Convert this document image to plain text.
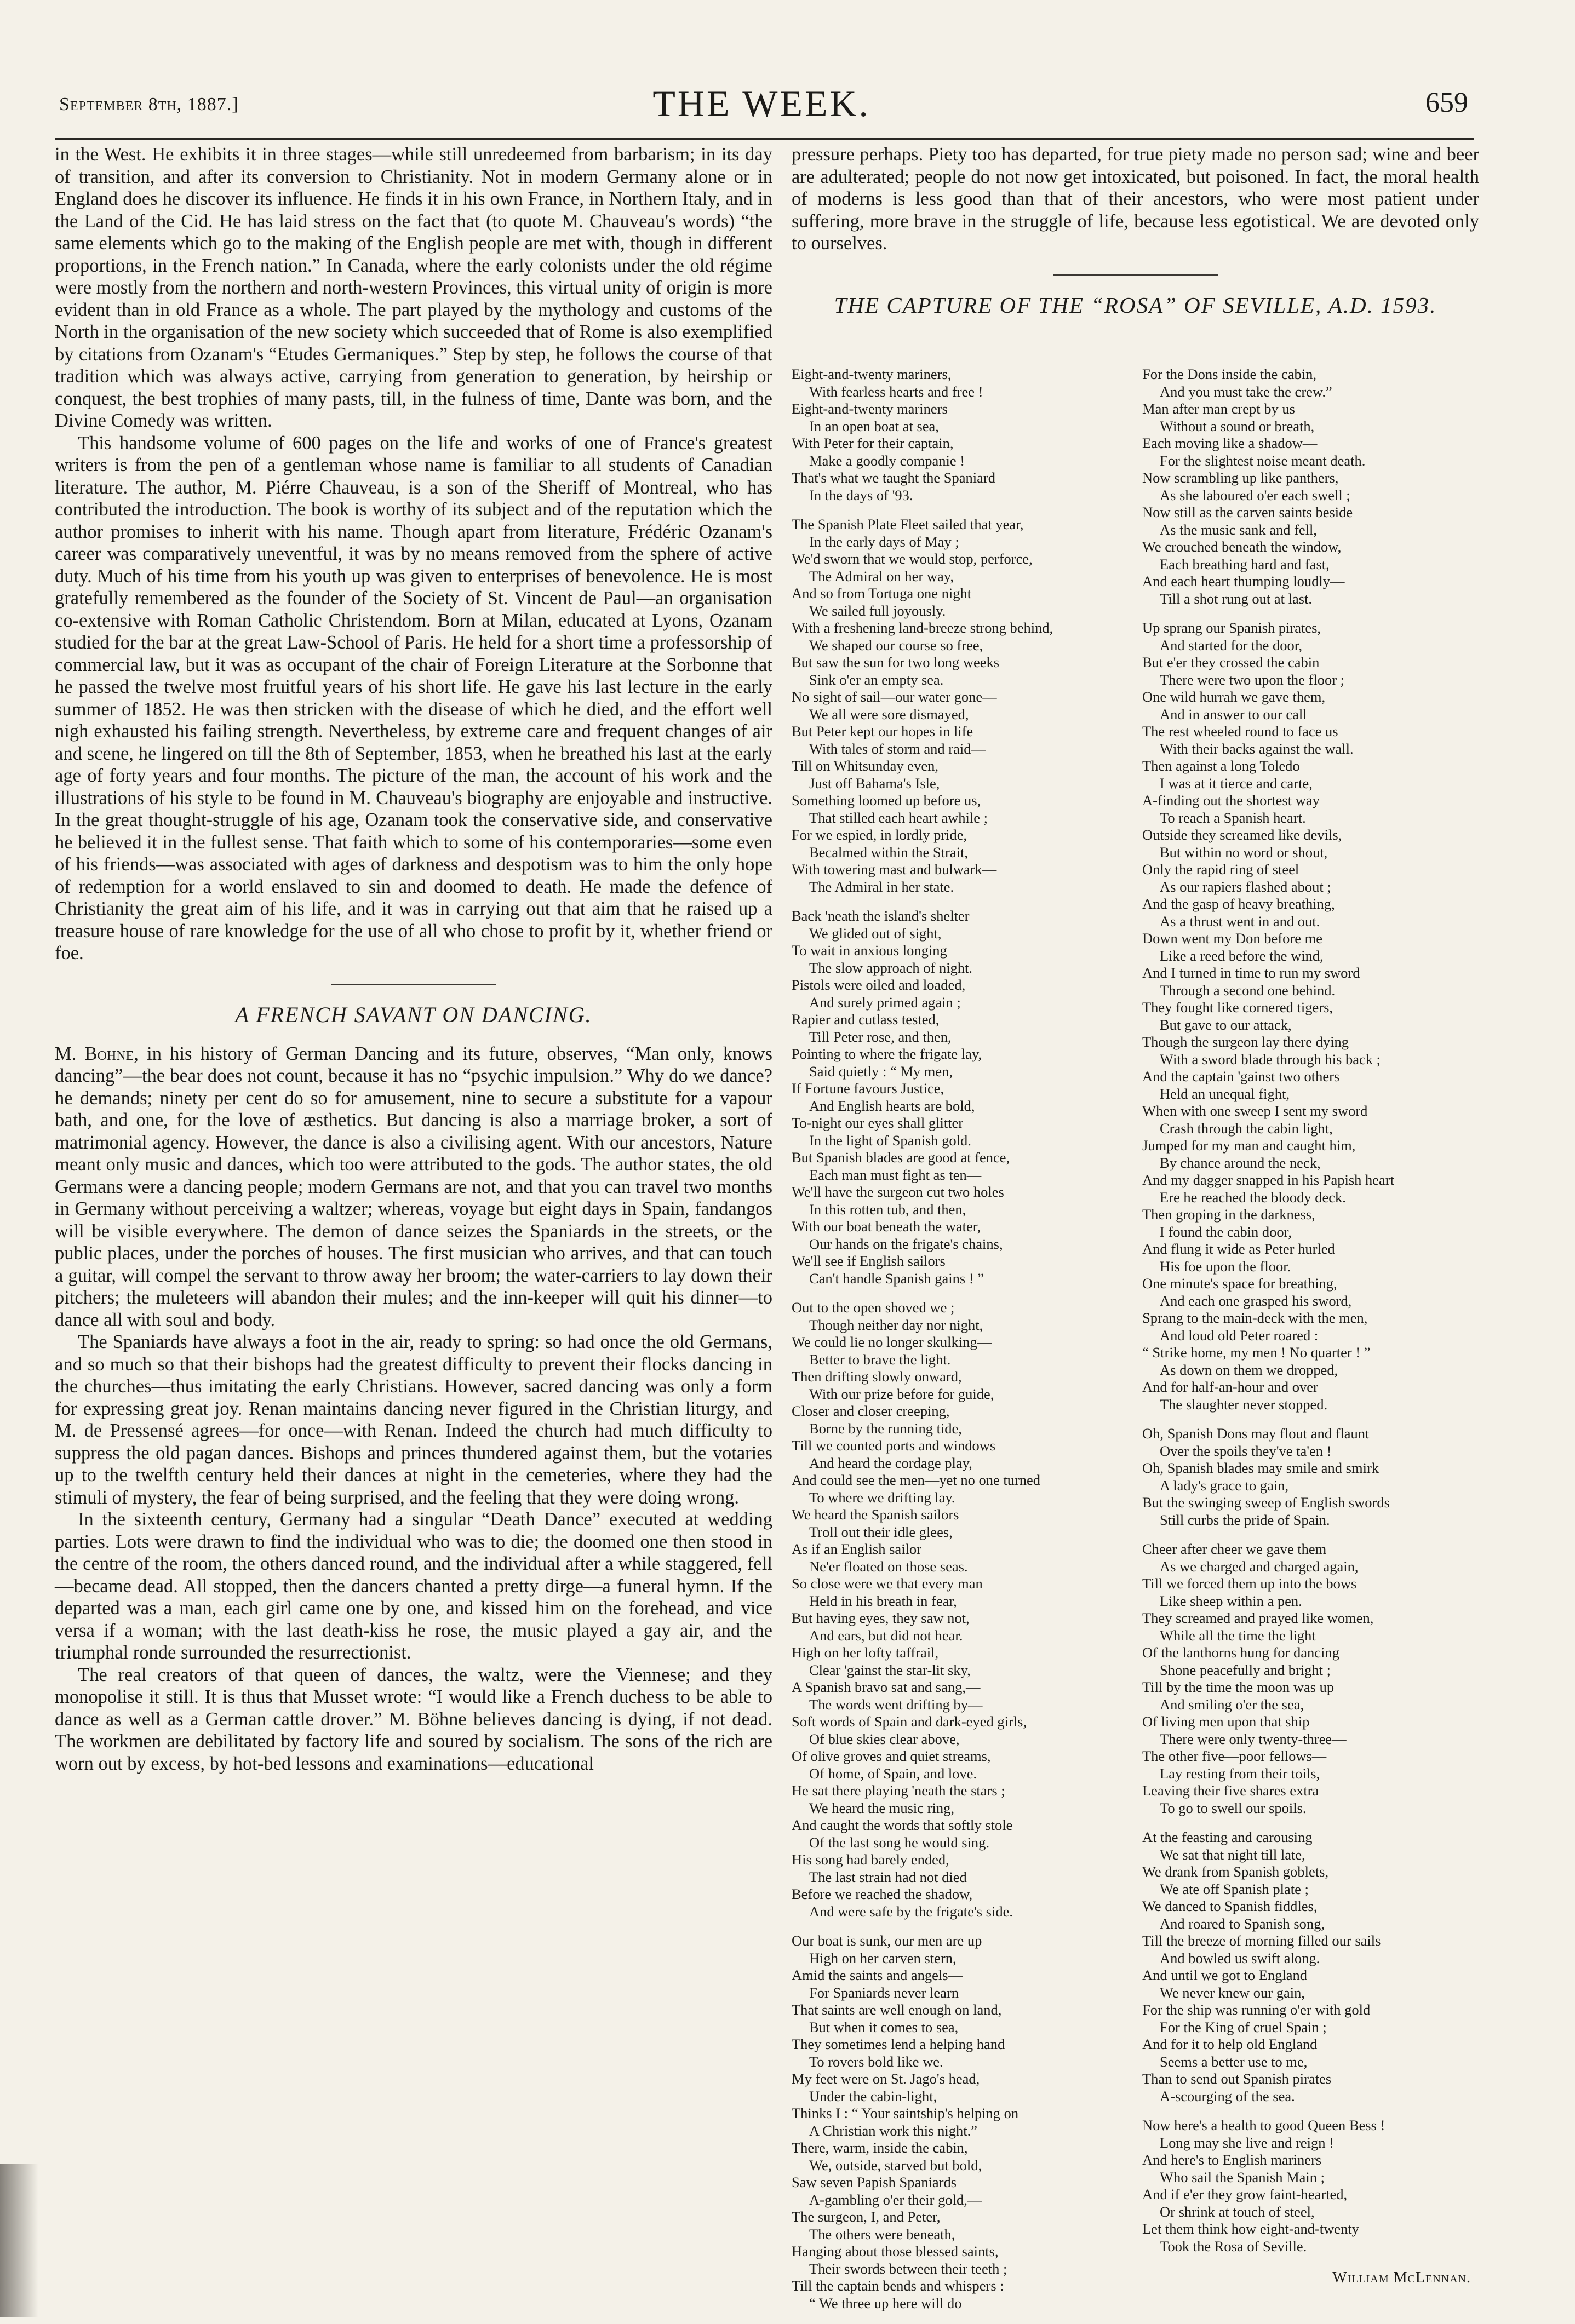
September 8th, 1887.]	THE WEEK.	659

in the West. He exhibits it in three stages—while still unredeemed from barbarism; in its day of transition, and after its conversion to Christianity. Not in modern Germany alone or in England does he discover its influence. He finds it in his own France, in Northern Italy, and in the Land of the Cid. He has laid stress on the fact that (to quote M. Chauveau's words) “the same elements which go to the making of the English people are met with, though in different proportions, in the French nation.” In Canada, where the early colonists under the old régime were mostly from the northern and north-western Provinces, this virtual unity of origin is more evident than in old France as a whole. The part played by the mythology and customs of the North in the organisation of the new society which succeeded that of Rome is also exemplified by citations from Ozanam's “Etudes Germaniques.” Step by step, he follows the course of that tradition which was always active, carrying from generation to generation, by heirship or conquest, the best trophies of many pasts, till, in the fulness of time, Dante was born, and the Divine Comedy was written.

This handsome volume of 600 pages on the life and works of one of France's greatest writers is from the pen of a gentleman whose name is familiar to all students of Canadian literature. The author, M. Piérre Chauveau, is a son of the Sheriff of Montreal, who has contributed the introduction. The book is worthy of its subject and of the reputation which the author promises to inherit with his name. Though apart from literature, Frédéric Ozanam's career was comparatively uneventful, it was by no means removed from the sphere of active duty. Much of his time from his youth up was given to enterprises of benevolence. He is most gratefully remembered as the founder of the Society of St. Vincent de Paul—an organisation co-extensive with Roman Catholic Christendom. Born at Milan, educated at Lyons, Ozanam studied for the bar at the great Law-School of Paris. He held for a short time a professorship of commercial law, but it was as occupant of the chair of Foreign Literature at the Sorbonne that he passed the twelve most fruitful years of his short life. He gave his last lecture in the early summer of 1852. He was then stricken with the disease of which he died, and the effort well nigh exhausted his failing strength. Nevertheless, by extreme care and frequent changes of air and scene, he lingered on till the 8th of September, 1853, when he breathed his last at the early age of forty years and four months. The picture of the man, the account of his work and the illustrations of his style to be found in M. Chauveau's biography are enjoyable and instructive. In the great thought-struggle of his age, Ozanam took the conservative side, and conservative he believed it in the fullest sense. That faith which to some of his contemporaries—some even of his friends—was associated with ages of darkness and despotism was to him the only hope of redemption for a world enslaved to sin and doomed to death. He made the defence of Christianity the great aim of his life, and it was in carrying out that aim that he raised up a treasure house of rare knowledge for the use of all who chose to profit by it, whether friend or foe.

A FRENCH SAVANT ON DANCING.

M. Bohne, in his history of German Dancing and its future, observes, “Man only, knows dancing”—the bear does not count, because it has no “psychic impulsion.” Why do we dance? he demands; ninety per cent do so for amusement, nine to secure a substitute for a vapour bath, and one, for the love of æsthetics. But dancing is also a marriage broker, a sort of matrimonial agency. However, the dance is also a civilising agent. With our ancestors, Nature meant only music and dances, which too were attributed to the gods. The author states, the old Germans were a dancing people; modern Germans are not, and that you can travel two months in Germany without perceiving a waltzer; whereas, voyage but eight days in Spain, fandangos will be visible everywhere. The demon of dance seizes the Spaniards in the streets, or the public places, under the porches of houses. The first musician who arrives, and that can touch a guitar, will compel the servant to throw away her broom; the water-carriers to lay down their pitchers; the muleteers will abandon their mules; and the inn-keeper will quit his dinner—to dance all with soul and body.

The Spaniards have always a foot in the air, ready to spring: so had once the old Germans, and so much so that their bishops had the greatest difficulty to prevent their flocks dancing in the churches—thus imitating the early Christians. However, sacred dancing was only a form for expressing great joy. Renan maintains dancing never figured in the Christian liturgy, and M. de Pressensé agrees—for once—with Renan. Indeed the church had much difficulty to suppress the old pagan dances. Bishops and princes thundered against them, but the votaries up to the twelfth century held their dances at night in the cemeteries, where they had the stimuli of mystery, the fear of being surprised, and the feeling that they were doing wrong.

In the sixteenth century, Germany had a singular “Death Dance” executed at wedding parties. Lots were drawn to find the individual who was to die; the doomed one then stood in the centre of the room, the others danced round, and the individual after a while staggered, fell—became dead. All stopped, then the dancers chanted a pretty dirge—a funeral hymn. If the departed was a man, each girl came one by one, and kissed him on the forehead, and vice versa if a woman; with the last death-kiss he rose, the music played a gay air, and the triumphal ronde surrounded the resurrectionist.

The real creators of that queen of dances, the waltz, were the Viennese; and they monopolise it still. It is thus that Musset wrote: “I would like a French duchess to be able to dance as well as a German cattle drover.” M. Böhne believes dancing is dying, if not dead. The workmen are debilitated by factory life and soured by socialism. The sons of the rich are worn out by excess, by hot-bed lessons and examinations—educational

pressure perhaps. Piety too has departed, for true piety made no person sad; wine and beer are adulterated; people do not now get intoxicated, but poisoned. In fact, the moral health of moderns is less good than that of their ancestors, who were most patient under suffering, more brave in the struggle of life, because less egotistical. We are devoted only to ourselves.

THE CAPTURE OF THE “ROSA” OF SEVILLE, A.D. 1593.
Eight-and-twenty mariners,
With fearless hearts and free !
Eight-and-twenty mariners
In an open boat at sea,
With Peter for their captain,
Make a goodly companie !
That's what we taught the Spaniard
In the days of '93.
The Spanish Plate Fleet sailed that year,
In the early days of May ;
We'd sworn that we would stop, perforce,
The Admiral on her way,
And so from Tortuga one night
We sailed full joyously.
With a freshening land-breeze strong behind,
We shaped our course so free,
But saw the sun for two long weeks
Sink o'er an empty sea.
No sight of sail—our water gone—
We all were sore dismayed,
But Peter kept our hopes in life
With tales of storm and raid—
Till on Whitsunday even,
Just off Bahama's Isle,
Something loomed up before us,
That stilled each heart awhile ;
For we espied, in lordly pride,
Becalmed within the Strait,
With towering mast and bulwark—
The Admiral in her state.
Back 'neath the island's shelter
We glided out of sight,
To wait in anxious longing
The slow approach of night.
Pistols were oiled and loaded,
And surely primed again ;
Rapier and cutlass tested,
Till Peter rose, and then,
Pointing to where the frigate lay,
Said quietly : “ My men,
If Fortune favours Justice,
And English hearts are bold,
To-night our eyes shall glitter
In the light of Spanish gold.
But Spanish blades are good at fence,
Each man must fight as ten—
We'll have the surgeon cut two holes
In this rotten tub, and then,
With our boat beneath the water,
Our hands on the frigate's chains,
We'll see if English sailors
Can't handle Spanish gains ! ”
Out to the open shoved we ;
Though neither day nor night,
We could lie no longer skulking—
Better to brave the light.
Then drifting slowly onward,
With our prize before for guide,
Closer and closer creeping,
Borne by the running tide,
Till we counted ports and windows
And heard the cordage play,
And could see the men—yet no one turned
To where we drifting lay.
We heard the Spanish sailors
Troll out their idle glees,
As if an English sailor
Ne'er floated on those seas.
So close were we that every man
Held in his breath in fear,
But having eyes, they saw not,
And ears, but did not hear.
High on her lofty taffrail,
Clear 'gainst the star-lit sky,
A Spanish bravo sat and sang,—
The words went drifting by—
Soft words of Spain and dark-eyed girls,
Of blue skies clear above,
Of olive groves and quiet streams,
Of home, of Spain, and love.
He sat there playing 'neath the stars ;
We heard the music ring,
And caught the words that softly stole
Of the last song he would sing.
His song had barely ended,
The last strain had not died
Before we reached the shadow,
And were safe by the frigate's side.
Our boat is sunk, our men are up
High on her carven stern,
Amid the saints and angels—
For Spaniards never learn
That saints are well enough on land,
But when it comes to sea,
They sometimes lend a helping hand
To rovers bold like we.
My feet were on St. Jago's head,
Under the cabin-light,
Thinks I : “ Your saintship's helping on
A Christian work this night.”
There, warm, inside the cabin,
We, outside, starved but bold,
Saw seven Papish Spaniards
A-gambling o'er their gold,—
The surgeon, I, and Peter,
The others were beneath,
Hanging about those blessed saints,
Their swords between their teeth ;
Till the captain bends and whispers :
“ We three up here will do
For the Dons inside the cabin,
And you must take the crew.”
Man after man crept by us
Without a sound or breath,
Each moving like a shadow—
For the slightest noise meant death.
Now scrambling up like panthers,
As she laboured o'er each swell ;
Now still as the carven saints beside
As the music sank and fell,
We crouched beneath the window,
Each breathing hard and fast,
And each heart thumping loudly—
Till a shot rung out at last.
Up sprang our Spanish pirates,
And started for the door,
But e'er they crossed the cabin
There were two upon the floor ;
One wild hurrah we gave them,
And in answer to our call
The rest wheeled round to face us
With their backs against the wall.
Then against a long Toledo
I was at it tierce and carte,
A-finding out the shortest way
To reach a Spanish heart.
Outside they screamed like devils,
But within no word or shout,
Only the rapid ring of steel
As our rapiers flashed about ;
And the gasp of heavy breathing,
As a thrust went in and out.
Down went my Don before me
Like a reed before the wind,
And I turned in time to run my sword
Through a second one behind.
They fought like cornered tigers,
But gave to our attack,
Though the surgeon lay there dying
With a sword blade through his back ;
And the captain 'gainst two others
Held an unequal fight,
When with one sweep I sent my sword
Crash through the cabin light,
Jumped for my man and caught him,
By chance around the neck,
And my dagger snapped in his Papish heart
Ere he reached the bloody deck.
Then groping in the darkness,
I found the cabin door,
And flung it wide as Peter hurled
His foe upon the floor.
One minute's space for breathing,
And each one grasped his sword,
Sprang to the main-deck with the men,
And loud old Peter roared :
“ Strike home, my men ! No quarter ! ”
As down on them we dropped,
And for half-an-hour and over
The slaughter never stopped.
Oh, Spanish Dons may flout and flaunt
Over the spoils they've ta'en !
Oh, Spanish blades may smile and smirk
A lady's grace to gain,
But the swinging sweep of English swords
Still curbs the pride of Spain.
Cheer after cheer we gave them
As we charged and charged again,
Till we forced them up into the bows
Like sheep within a pen.
They screamed and prayed like women,
While all the time the light
Of the lanthorns hung for dancing
Shone peacefully and bright ;
Till by the time the moon was up
And smiling o'er the sea,
Of living men upon that ship
There were only twenty-three—
The other five—poor fellows—
Lay resting from their toils,
Leaving their five shares extra
To go to swell our spoils.
At the feasting and carousing
We sat that night till late,
We drank from Spanish goblets,
We ate off Spanish plate ;
We danced to Spanish fiddles,
And roared to Spanish song,
Till the breeze of morning filled our sails
And bowled us swift along.
And until we got to England
We never knew our gain,
For the ship was running o'er with gold
For the King of cruel Spain ;
And for it to help old England
Seems a better use to me,
Than to send out Spanish pirates
A-scourging of the sea.
Now here's a health to good Queen Bess !
Long may she live and reign !
And here's to English mariners
Who sail the Spanish Main ;
And if e'er they grow faint-hearted,
Or shrink at touch of steel,
Let them think how eight-and-twenty
Took the Rosa of Seville.
William McLennan.
